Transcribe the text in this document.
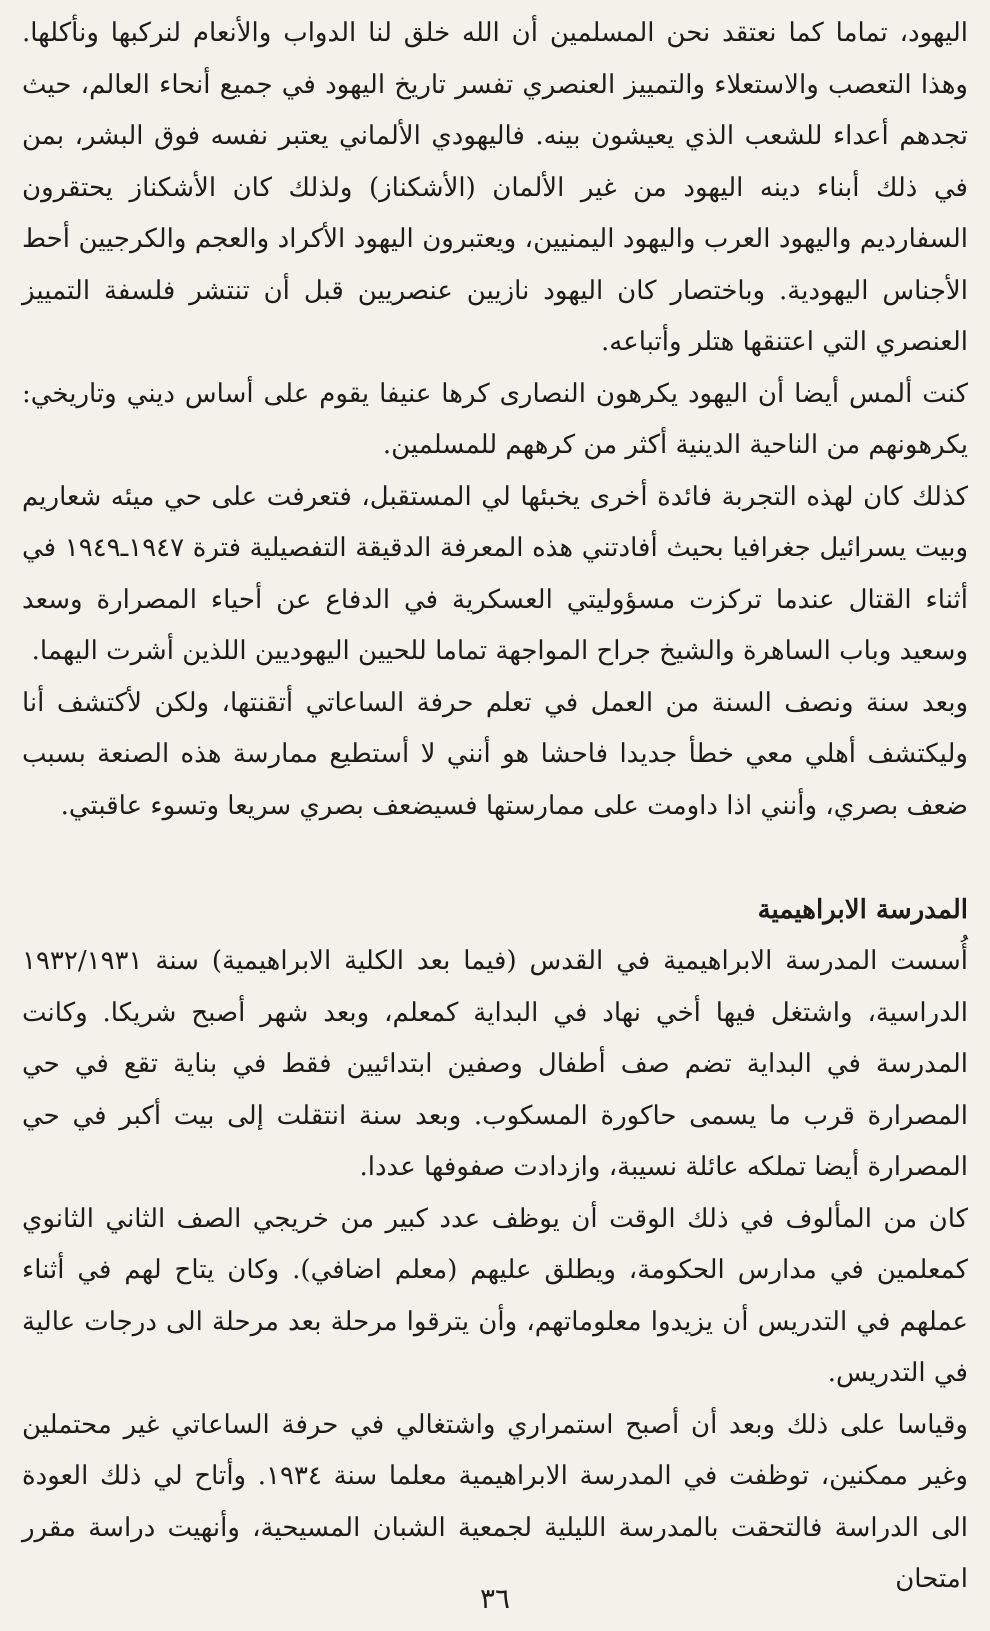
اليهود، تماما كما نعتقد نحن المسلمين أن الله خلق لنا الدواب والأنعام لنركبها ونأكلها. وهذا التعصب والاستعلاء والتمييز العنصري تفسر تاريخ اليهود في جميع أنحاء العالم، حيث تجدهم أعداء للشعب الذي يعيشون بينه. فاليهودي الألماني يعتبر نفسه فوق البشر، بمن في ذلك أبناء دينه اليهود من غير الألمان (الأشكناز) ولذلك كان الأشكناز يحتقرون السفارديم واليهود العرب واليهود اليمنيين، ويعتبرون اليهود الأكراد والعجم والكرجيين أحط الأجناس اليهودية. وباختصار كان اليهود نازيين عنصريين قبل أن تنتشر فلسفة التمييز العنصري التي اعتنقها هتلر وأتباعه.

كنت ألمس أيضا أن اليهود يكرهون النصارى كرها عنيفا يقوم على أساس ديني وتاريخي: يكرهونهم من الناحية الدينية أكثر من كرههم للمسلمين.

كذلك كان لهذه التجربة فائدة أخرى يخبئها لي المستقبل، فتعرفت على حي ميئه شعاريم وبيت يسرائيل جغرافيا بحيث أفادتني هذه المعرفة الدقيقة التفصيلية فترة ١٩٤٧ـ١٩٤٩ في أثناء القتال عندما تركزت مسؤوليتي العسكرية في الدفاع عن أحياء المصرارة وسعد وسعيد وباب الساهرة والشيخ جراح المواجهة تماما للحيين اليهوديين اللذين أشرت اليهما.

وبعد سنة ونصف السنة من العمل في تعلم حرفة الساعاتي أتقنتها، ولكن لأكتشف أنا وليكتشف أهلي معي خطأ جديدا فاحشا هو أنني لا أستطيع ممارسة هذه الصنعة بسبب ضعف بصري، وأنني اذا داومت على ممارستها فسيضعف بصري سريعا وتسوء عاقبتي.

المدرسة الابراهيمية

أُسست المدرسة الابراهيمية في القدس (فيما بعد الكلية الابراهيمية) سنة ١٩٣٢/١٩٣١ الدراسية، واشتغل فيها أخي نهاد في البداية كمعلم، وبعد شهر أصبح شريكا. وكانت المدرسة في البداية تضم صف أطفال وصفين ابتدائيين فقط في بناية تقع في حي المصرارة قرب ما يسمى حاكورة المسكوب. وبعد سنة انتقلت إلى بيت أكبر في حي المصرارة أيضا تملكه عائلة نسيبة، وازدادت صفوفها عددا.

كان من المألوف في ذلك الوقت أن يوظف عدد كبير من خريجي الصف الثاني الثانوي كمعلمين في مدارس الحكومة، ويطلق عليهم (معلم اضافي). وكان يتاح لهم في أثناء عملهم في التدريس أن يزيدوا معلوماتهم، وأن يترقوا مرحلة بعد مرحلة الى درجات عالية في التدريس.

وقياسا على ذلك وبعد أن أصبح استمراري واشتغالي في حرفة الساعاتي غير محتملين وغير ممكنين، توظفت في المدرسة الابراهيمية معلما سنة ١٩٣٤. وأتاح لي ذلك العودة الى الدراسة فالتحقت بالمدرسة الليلية لجمعية الشبان المسيحية، وأنهيت دراسة مقرر امتحان

٣٦
